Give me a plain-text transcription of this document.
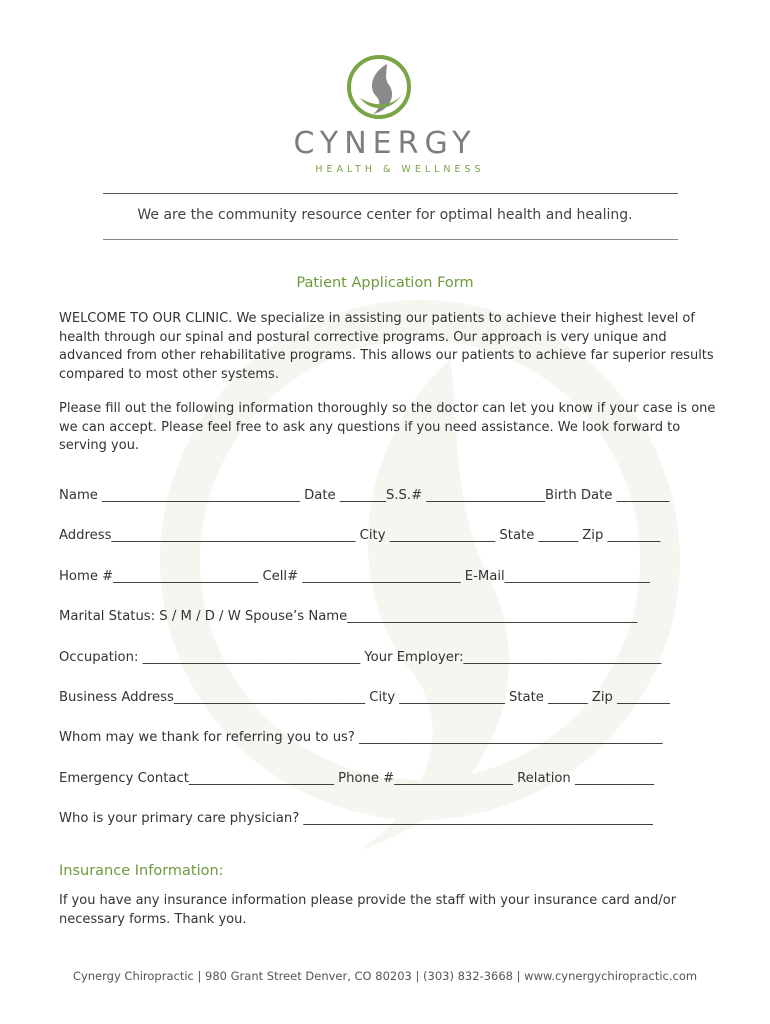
CYNERGY
HEALTH & WELLNESS
We are the community resource center for optimal health and healing.
Patient Application Form

WELCOME TO OUR CLINIC. We specialize in assisting our patients to achieve their highest level of health through our spinal and postural corrective programs. Our approach is very unique and advanced from other rehabilitative programs. This allows our patients to achieve far superior results compared to most other systems.

Please fill out the following information thoroughly so the doctor can let you know if your case is one we can accept. Please feel free to ask any questions if you need assistance. We look forward to serving you.

Name ______________________________ Date _______S.S.# __________________Birth Date ________
Address_____________________________________ City ________________ State ______ Zip ________
Home #______________________ Cell# ________________________ E-Mail______________________
Marital Status: S / M / D / W Spouse’s Name____________________________________________
Occupation: _________________________________ Your Employer:______________________________
Business Address_____________________________ City ________________ State ______ Zip ________
Whom may we thank for referring you to us? ______________________________________________
Emergency Contact______________________ Phone #__________________ Relation ____________
Who is your primary care physician? _____________________________________________________
Insurance Information:

If you have any insurance information please provide the staff with your insurance card and/or necessary forms. Thank you.

Cynergy Chiropractic | 980 Grant Street Denver, CO 80203 | (303) 832-3668 | www.cynergychiropractic.com
